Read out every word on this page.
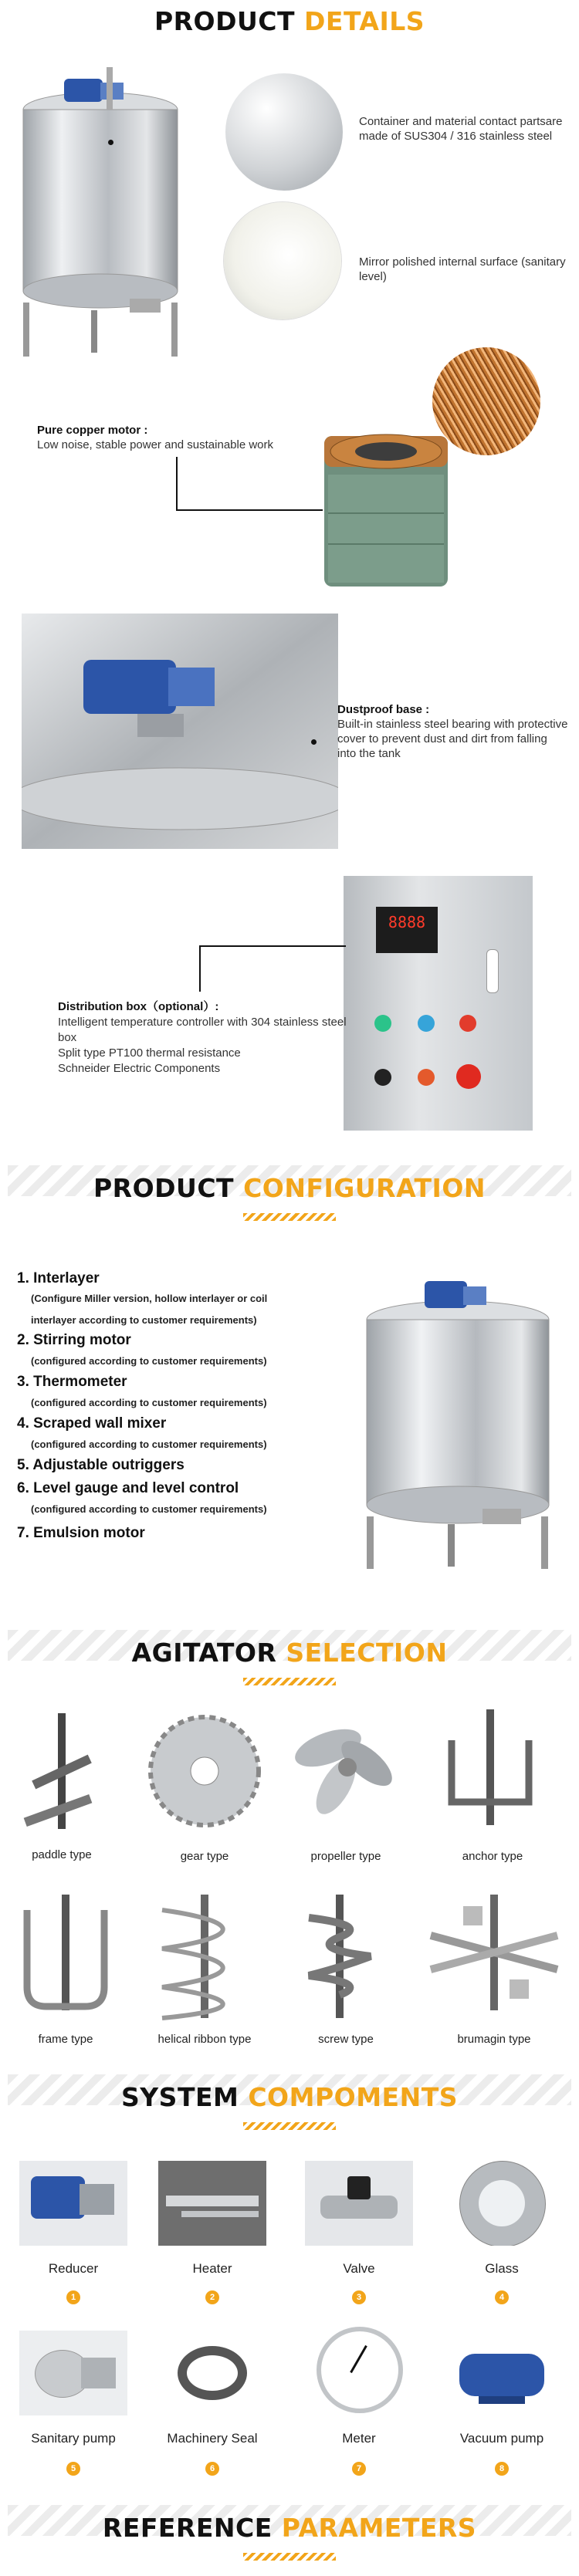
PRODUCT DETAILS
Container and material contact partsare made of SUS304 / 316 stainless steel
Mirror polished internal surface (sanitary level)
Pure copper motor :
Low noise, stable power and sustainable work
Dustproof base :
Built-in stainless steel bearing with protective cover to prevent dust and dirt from falling into the tank
8888
Distribution box（optional）:
Intelligent temperature controller with 304 stainless steel box
Split type PT100 thermal resistance
Schneider Electric Components
PRODUCT CONFIGURATION

1. Interlayer

(Configure Miller version, hollow interlayer or coil

interlayer according to customer requirements)

2. Stirring motor

(configured according to customer requirements)

3. Thermometer

(configured according to customer requirements)

4. Scraped wall mixer

(configured according to customer requirements)

5. Adjustable outriggers

6. Level gauge and level control

(configured according to customer requirements)

7. Emulsion motor

AGITATOR SELECTION
paddle type	gear type	propeller type	anchor type
frame type	helical ribbon type	screw type	brumagin type
SYSTEM COMPOMENTS
Reducer	Heater	Valve	Glass
1	2	3	4
Sanitary pump	Machinery Seal	Meter	Vacuum pump
5	6	7	8
REFERENCE PARAMETERS
